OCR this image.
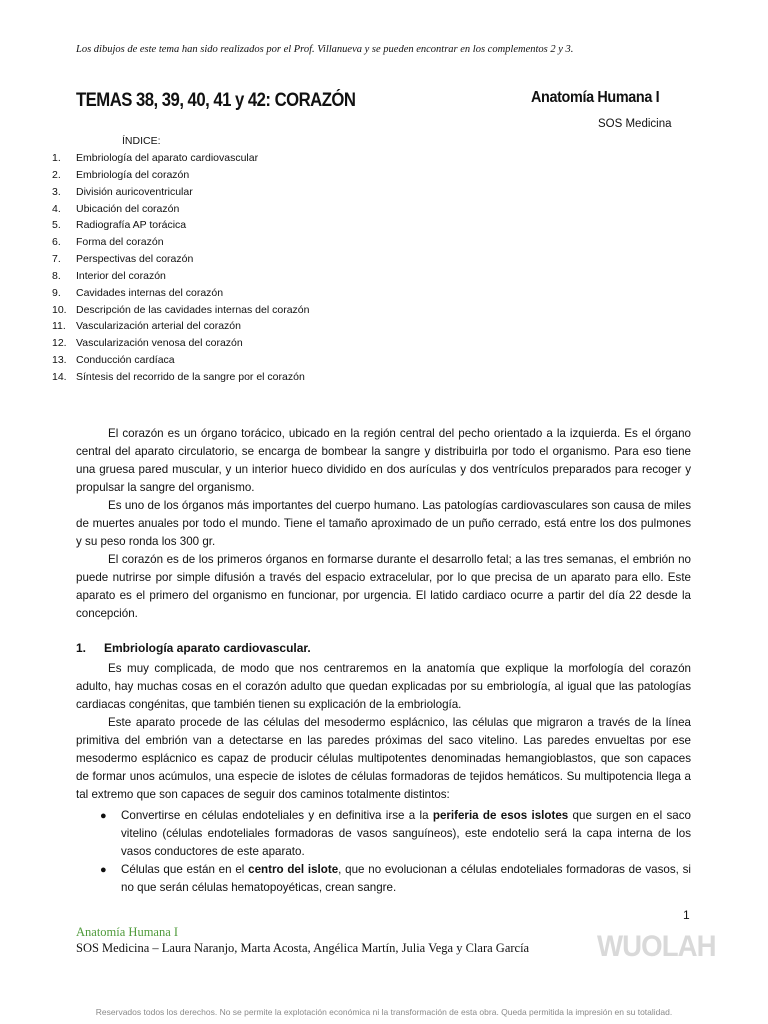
Los dibujos de este tema han sido realizados por el Prof. Villanueva y se pueden encontrar en los complementos 2 y 3.
TEMAS 38, 39, 40, 41 y 42: CORAZÓN	Anatomía Humana I
SOS Medicina
ÍNDICE:
1.	Embriología del aparato cardiovascular
2.	Embriología del corazón
3.	División auricoventricular
4.	Ubicación del corazón
5.	Radiografía AP torácica
6.	Forma del corazón
7.	Perspectivas del corazón
8.	Interior del corazón
9.	Cavidades internas del corazón
10. Descripción de las cavidades internas del corazón
11. Vascularización arterial del corazón
12. Vascularización venosa del corazón
13. Conducción cardíaca
14. Síntesis del recorrido de la sangre por el corazón

El corazón es un órgano torácico, ubicado en la región central del pecho orientado a la izquierda. Es el órgano central del aparato circulatorio, se encarga de bombear la sangre y distribuirla por todo el organismo. Para eso tiene una gruesa pared muscular, y un interior hueco dividido en dos aurículas y dos ventrículos preparados para recoger y propulsar la sangre del organismo.

Es uno de los órganos más importantes del cuerpo humano. Las patologías cardiovasculares son causa de miles de muertes anuales por todo el mundo. Tiene el tamaño aproximado de un puño cerrado, está entre los dos pulmones y su peso ronda los 300 gr.

El corazón es de los primeros órganos en formarse durante el desarrollo fetal; a las tres semanas, el embrión no puede nutrirse por simple difusión a través del espacio extracelular, por lo que precisa de un aparato para ello. Este aparato es el primero del organismo en funcionar, por urgencia. El latido cardiaco ocurre a partir del día 22 desde la concepción.

1. Embriología aparato cardiovascular.

Es muy complicada, de modo que nos centraremos en la anatomía que explique la morfología del corazón adulto, hay muchas cosas en el corazón adulto que quedan explicadas por su embriología, al igual que las patologías cardiacas congénitas, que también tienen su explicación de la embriología.

Este aparato procede de las células del mesodermo esplácnico, las células que migraron a través de la línea primitiva del embrión van a detectarse en las paredes próximas del saco vitelino. Las paredes envueltas por ese mesodermo esplácnico es capaz de producir células multipotentes denominadas hemangioblastos, que son capaces de formar unos acúmulos, una especie de islotes de células formadoras de tejidos hemáticos. Su multipotencia llega a tal extremo que son capaces de seguir dos caminos totalmente distintos:

● Convertirse en células endoteliales y en definitiva irse a la periferia de esos islotes que surgen en el saco vitelino (células endoteliales formadoras de vasos sanguíneos), este endotelio será la capa interna de los vasos conductores de este aparato.
● Células que están en el centro del islote, que no evolucionan a células endoteliales formadoras de vasos, si no que serán células hematopoyéticas, crean sangre.
1
Anatomía Humana I
SOS Medicina – Laura Naranjo, Marta Acosta, Angélica Martín, Julia Vega y Clara García WUOLAH
Reservados todos los derechos. No se permite la explotación económica ni la transformación de esta obra. Queda permitida la impresión en su totalidad.
